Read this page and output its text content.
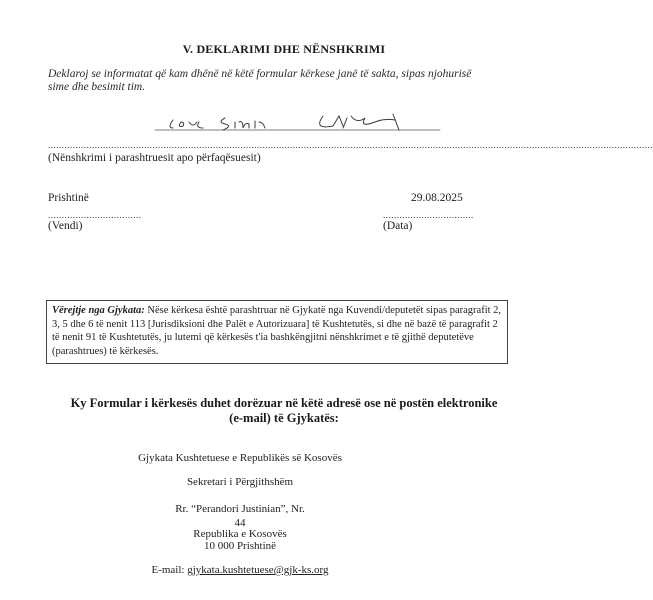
V. DEKLARIMI DHE NËNSHKRIMI
Deklaroj se informatat që kam dhënë në këtë formular kërkese janë të sakta, sipas njohurisë sime dhe besimit tim.
............................................................................................................................................................................................................................
(Nënshkrimi i parashtruesit apo përfaqësuesit)
Prishtinë
..................................
(Vendi)
29.08.2025
.................................
(Data)
Vërejtje nga Gjykata: Nëse kërkesa është parashtruar në Gjykatë nga Kuvendi/deputetët sipas paragrafit 2, 3, 5 dhe 6 të nenit 113 [Jurisdiksioni dhe Palët e Autorizuara] të Kushtetutës, si dhe në bazë të paragrafit 2 të nenit 91 të Kushtetutës, ju lutemi që kërkesës t'ia bashkëngjitni nënshkrimet e të gjithë deputetëve (parashtrues) të kërkesës.
Ky Formular i kërkesës duhet dorëzuar në këtë adresë ose në postën elektronike
(e-mail) të Gjykatës:
Gjykata Kushtetuese e Republikës së Kosovës
Sekretari i Përgjithshëm
Rr. “Perandori Justinian”, Nr.
44
Republika e Kosovës
10 000 Prishtinë
E-mail: gjykata.kushtetuese@gjk-ks.org
